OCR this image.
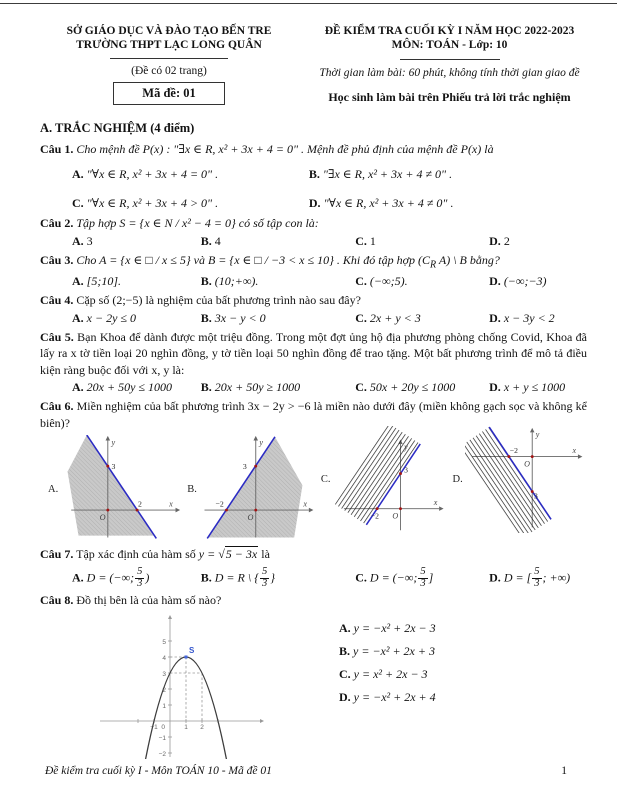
SỞ GIÁO DỤC VÀ ĐÀO TẠO BẾN TRE
TRƯỜNG THPT LẠC LONG QUÂN
(Đề có 02 trang)
Mã đề: 01
ĐỀ KIỂM TRA CUỐI KỲ I NĂM HỌC 2022-2023
MÔN: TOÁN - Lớp: 10
Thời gian làm bài: 60 phút, không tính thời gian giao đề
Học sinh làm bài trên Phiếu trả lời trắc nghiệm
A. TRẮC NGHIỆM (4 điểm)
Câu 1. Cho mệnh đề P(x) : "∃x ∈ R, x² + 3x + 4 = 0" . Mệnh đề phủ định của mệnh đề P(x) là
A. "∀x ∈ R, x² + 3x + 4 = 0" .	B. "∃x ∈ R, x² + 3x + 4 ≠ 0" .
C. "∀x ∈ R, x² + 3x + 4 > 0" .	D. "∀x ∈ R, x² + 3x + 4 ≠ 0" .
Câu 2. Tập hợp S = {x ∈ N / x² − 4 = 0} có số tập con là:
A. 3	B. 4	C. 1	D. 2
Câu 3. Cho A = {x ∈ □ / x ≤ 5} và B = {x ∈ □ / −3 < x ≤ 10} . Khi đó tập hợp ($C_R$ A) \ B bằng?
A. [5;10].	B. (10;+∞).	C. (−∞;5).	D. (−∞;−3)
Câu 4. Cặp số (2;−5) là nghiệm của bất phương trình nào sau đây?
A. x − 2y ≤ 0	B. 3x − y < 0	C. 2x + y < 3	D. x − 3y < 2
Câu 5. Bạn Khoa để dành được một triệu đồng. Trong một đợt ủng hộ địa phương phòng chống Covid, Khoa đã lấy ra x tờ tiền loại 20 nghìn đồng, y tờ tiền loại 50 nghìn đồng để trao tặng. Một bất phương trình để mô tả điều kiện ràng buộc đối với x, y là:
A. 20x + 50y ≤ 1000	B. 20x + 50y ≥ 1000	C. 50x + 20y ≤ 1000	D. x + y ≤ 1000
Câu 6. Miền nghiệm của bất phương trình 3x − 2y > −6 là miền nào dưới đây (miền không gạch sọc và không kể biên)?
A.
y
x
O
3
2
B.
y
x
O
3
−2
C.
y
x
O
3
−2
D.
y
x
O
3
−2
Câu 7. Tập xác định của hàm số y = √5 − 3x là
A. D = (−∞; $\frac{5}{3}$ )	B. D = R \ { $\frac{5}{3}$ }	C. D = (−∞; $\frac{5}{3}$ ]	D. D = [ $\frac{5}{3}$ ; +∞)
Câu 8. Đồ thị bên là của hàm số nào?
5
4
3
2
1
−1
−2
0
−1	1 2
S
A. y = −x² + 2x − 3
B. y = −x² + 2x + 3
C. y = x² + 2x − 3
D. y = −x² + 2x + 4
Đề kiểm tra cuối kỳ I - Môn TOÁN 10 - Mã đề 01	1
